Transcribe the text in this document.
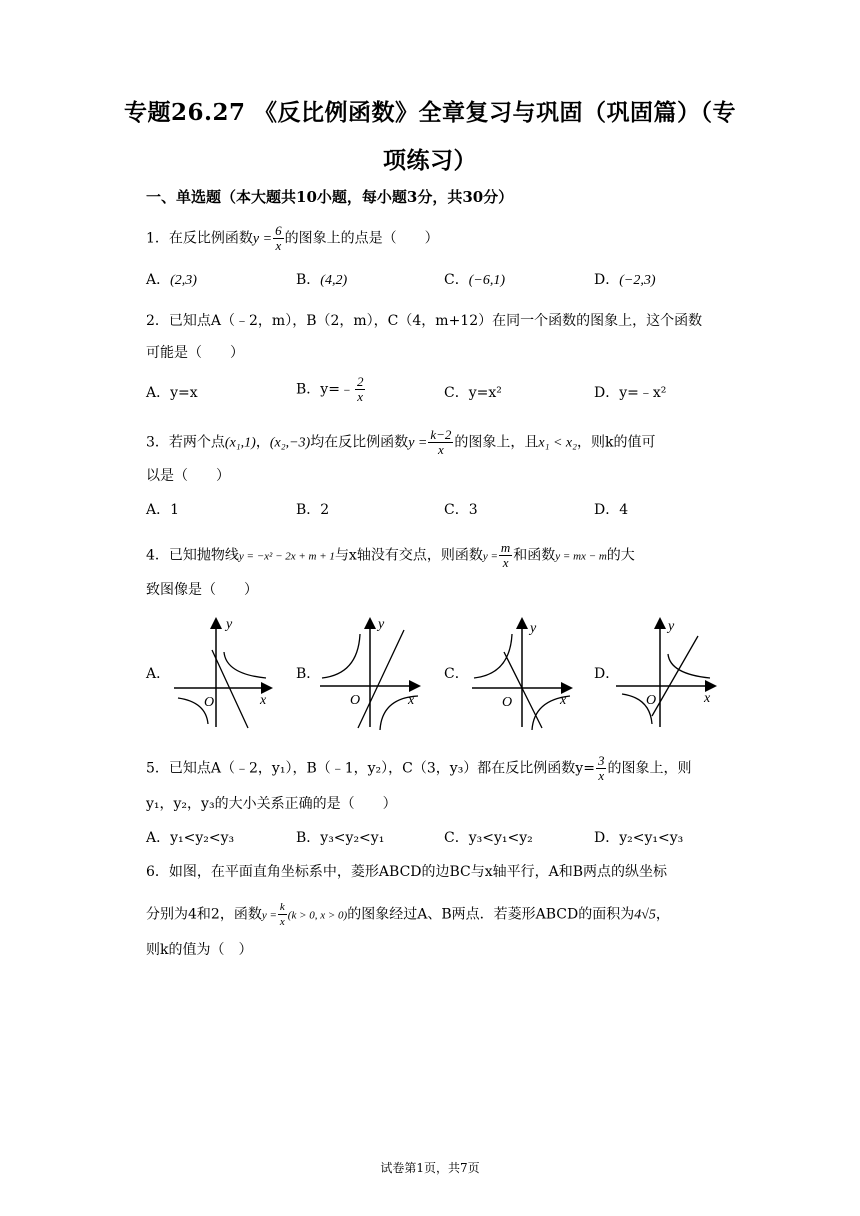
专题26.27 《反比例函数》全章复习与巩固（巩固篇）（专
项练习）
一、单选题（本大题共10小题，每小题3分，共30分）
1．在反比例函数$y = \frac{6}{x}$ 的图象上的点是（　　）
A．(2,3)	B．(4,2)	C．(−6,1)	D．(−2,3)
2．已知点A（﹣2，m），B（2，m），C（4，m+12）在同一个函数的图象上，这个函数
可能是（　　）
A．y=x	B．y=﹣ $\frac{2}{x}$	C．y=x²	D．y=﹣x²
3．若两个点(x₁,1)，(x₂,−3)均在反比例函数$y = \frac{k-2}{x}$ 的图象上，且x₁ < x₂，则k的值可
以是（　　）
A．1	B．2	C．3	D．4
4．已知抛物线y = −x² − 2x + m + 1与x轴没有交点，则函数$y = \frac{m}{x}$ 和函数y = mx − m的大
致图像是（　　）
A．	B．	C．	D．
y
x
O
y
x
O
y
x
O
y
x
O
5．已知点A（﹣2，y₁），B（﹣1，y₂），C（3，y₃）都在反比例函数$y= \frac{3}{x}$ 的图象上，则
y₁，y₂，y₃的大小关系正确的是（　　）
A．y₁<y₂<y₃	B．y₃<y₂<y₁	C．y₃<y₁<y₂	D．y₂<y₁<y₃
6．如图，在平面直角坐标系中，菱形ABCD的边BC与x轴平行，A和B两点的纵坐标
分别为4和2，函数$y = \frac{k}{x} (k > 0$, x > 0)的图象经过A、B两点．若菱形ABCD的面积为4√5，
则k的值为（　）
试卷第1页，共7页
